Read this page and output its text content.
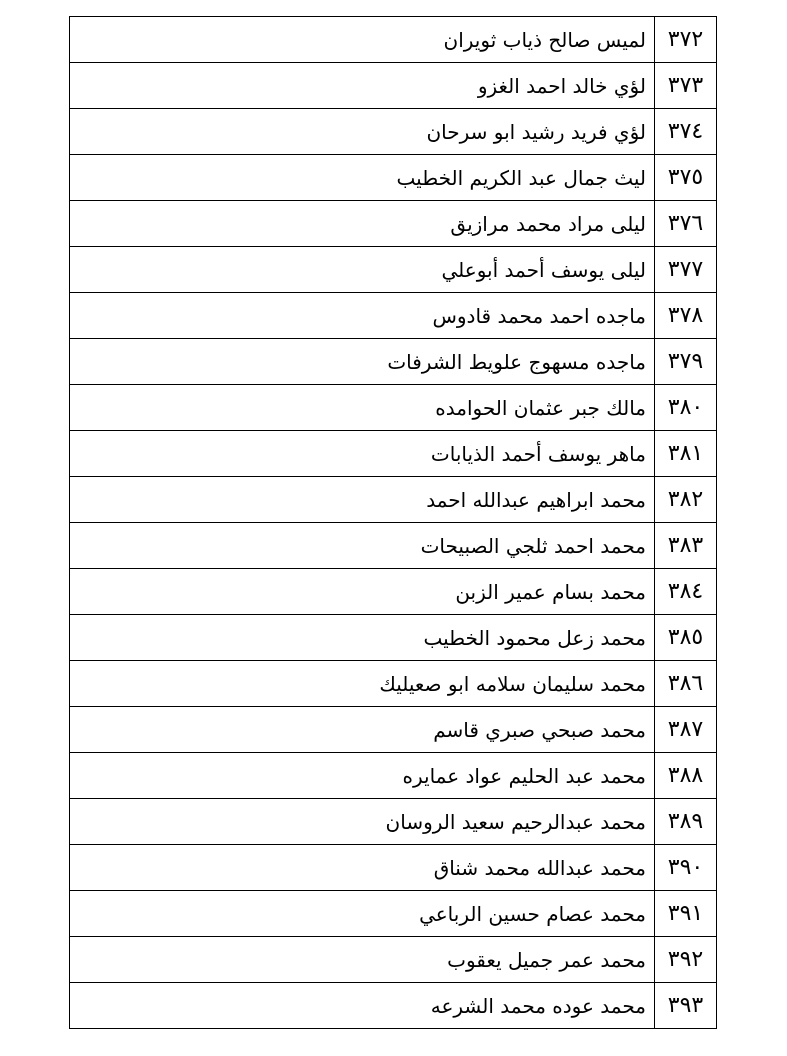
٣٧٢	لميس صالح ذياب ثويران
٣٧٣	لؤي خالد احمد الغزو
٣٧٤	لؤي فريد رشيد ابو سرحان
٣٧٥	ليث جمال عبد الكريم الخطيب
٣٧٦	ليلى مراد محمد مرازيق
٣٧٧	ليلى يوسف أحمد أبوعلي
٣٧٨	ماجده احمد محمد قادوس
٣٧٩	ماجده مسهوج علويط الشرفات
٣٨٠	مالك جبر عثمان الحوامده
٣٨١	ماهر يوسف أحمد الذيابات
٣٨٢	محمد ابراهيم عبدالله احمد
٣٨٣	محمد احمد ثلجي الصبيحات
٣٨٤	محمد بسام عمير الزبن
٣٨٥	محمد زعل محمود الخطيب
٣٨٦	محمد سليمان سلامه ابو صعيليك
٣٨٧	محمد صبحي صبري قاسم
٣٨٨	محمد عبد الحليم عواد عمايره
٣٨٩	محمد عبدالرحيم سعيد الروسان
٣٩٠	محمد عبدالله محمد شناق
٣٩١	محمد عصام حسين الرباعي
٣٩٢	محمد عمر جميل يعقوب
٣٩٣	محمد عوده محمد الشرعه
